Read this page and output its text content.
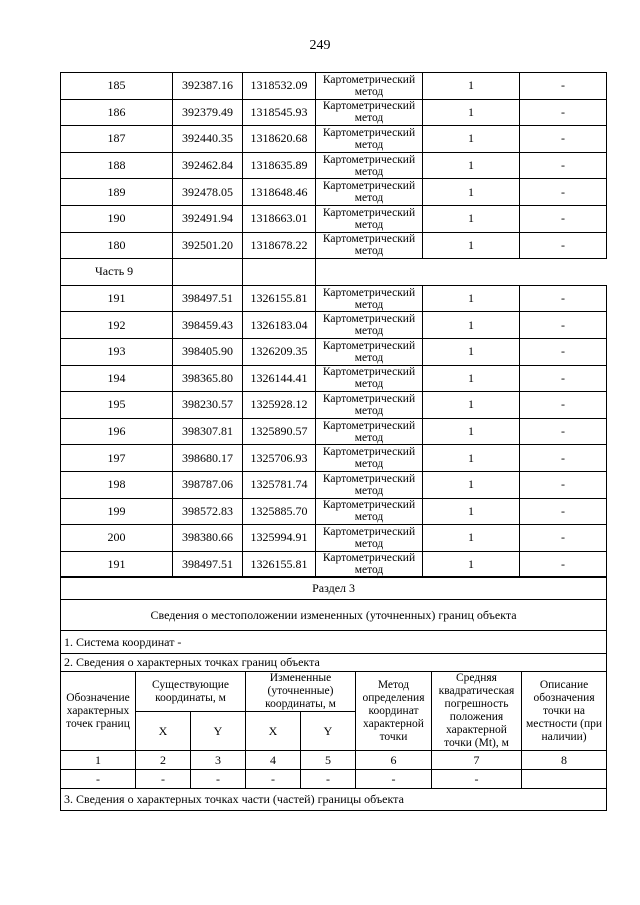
249
185	392387.16	1318532.09	Картометрический метод	1	-
186	392379.49	1318545.93	Картометрический метод	1	-
187	392440.35	1318620.68	Картометрический метод	1	-
188	392462.84	1318635.89	Картометрический метод	1	-
189	392478.05	1318648.46	Картометрический метод	1	-
190	392491.94	1318663.01	Картометрический метод	1	-
180	392501.20	1318678.22	Картометрический метод	1	-
Часть 9					
191	398497.51	1326155.81	Картометрический метод	1	-
192	398459.43	1326183.04	Картометрический метод	1	-
193	398405.90	1326209.35	Картометрический метод	1	-
194	398365.80	1326144.41	Картометрический метод	1	-
195	398230.57	1325928.12	Картометрический метод	1	-
196	398307.81	1325890.57	Картометрический метод	1	-
197	398680.17	1325706.93	Картометрический метод	1	-
198	398787.06	1325781.74	Картометрический метод	1	-
199	398572.83	1325885.70	Картометрический метод	1	-
200	398380.66	1325994.91	Картометрический метод	1	-
191	398497.51	1326155.81	Картометрический метод	1	-
Раздел 3							
Сведения о местоположении измененных (уточненных) границ объекта							
1. Система координат -							
2. Сведения о характерных точках границ объекта							
Обозначение характерных точек границ	Существующие координаты, м		Измененные (уточненные) координаты, м		Метод определения координат характерной точки	Средняя квадратическая погрешность положения характерной точки (Mt), м	Описание обозначения точки на местности (при наличии)
	X	Y	X	Y			
1	2	3	4	5	6	7	8
-	-	-	-	-	-	-	
3. Сведения о характерных точках части (частей) границы объекта							
